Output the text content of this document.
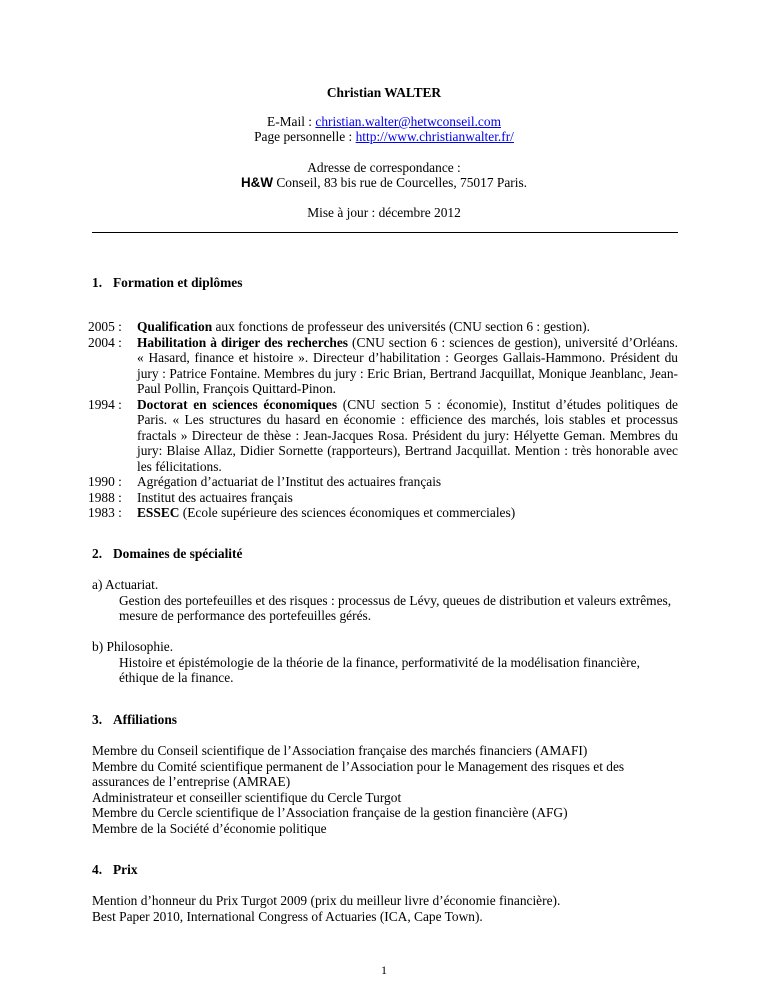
Christian WALTER
E-Mail : christian.walter@hetwconseil.com
Page personnelle : http://www.christianwalter.fr/
Adresse de correspondance :
H&W Conseil, 83 bis rue de Courcelles, 75017 Paris.
Mise à jour : décembre 2012
1. Formation et diplômes
2005 : Qualification aux fonctions de professeur des universités (CNU section 6 : gestion).
2004 : Habilitation à diriger des recherches (CNU section 6 : sciences de gestion), université d’Orléans. « Hasard, finance et histoire ». Directeur d’habilitation : Georges Gallais-Hammono. Président du jury : Patrice Fontaine. Membres du jury : Eric Brian, Bertrand Jacquillat, Monique Jeanblanc, Jean-Paul Pollin, François Quittard-Pinon.
1994 : Doctorat en sciences économiques (CNU section 5 : économie), Institut d’études politiques de Paris. « Les structures du hasard en économie : efficience des marchés, lois stables et processus fractals » Directeur de thèse : Jean-Jacques Rosa. Président du jury: Hélyette Geman. Membres du jury: Blaise Allaz, Didier Sornette (rapporteurs), Bertrand Jacquillat. Mention : très honorable avec les félicitations.
1990 : Agrégation d’actuariat de l’Institut des actuaires français
1988 : Institut des actuaires français
1983 : ESSEC (Ecole supérieure des sciences économiques et commerciales)
2. Domaines de spécialité
a) Actuariat.
Gestion des portefeuilles et des risques : processus de Lévy, queues de distribution et valeurs extrêmes, mesure de performance des portefeuilles gérés.
b) Philosophie.
Histoire et épistémologie de la théorie de la finance, performativité de la modélisation financière, éthique de la finance.
3. Affiliations
Membre du Conseil scientifique de l’Association française des marchés financiers (AMAFI)
Membre du Comité scientifique permanent de l’Association pour le Management des risques et des assurances de l’entreprise (AMRAE)
Administrateur et conseiller scientifique du Cercle Turgot
Membre du Cercle scientifique de l’Association française de la gestion financière (AFG)
Membre de la Société d’économie politique
4. Prix
Mention d’honneur du Prix Turgot 2009 (prix du meilleur livre d’économie financière).
Best Paper 2010, International Congress of Actuaries (ICA, Cape Town).
1
